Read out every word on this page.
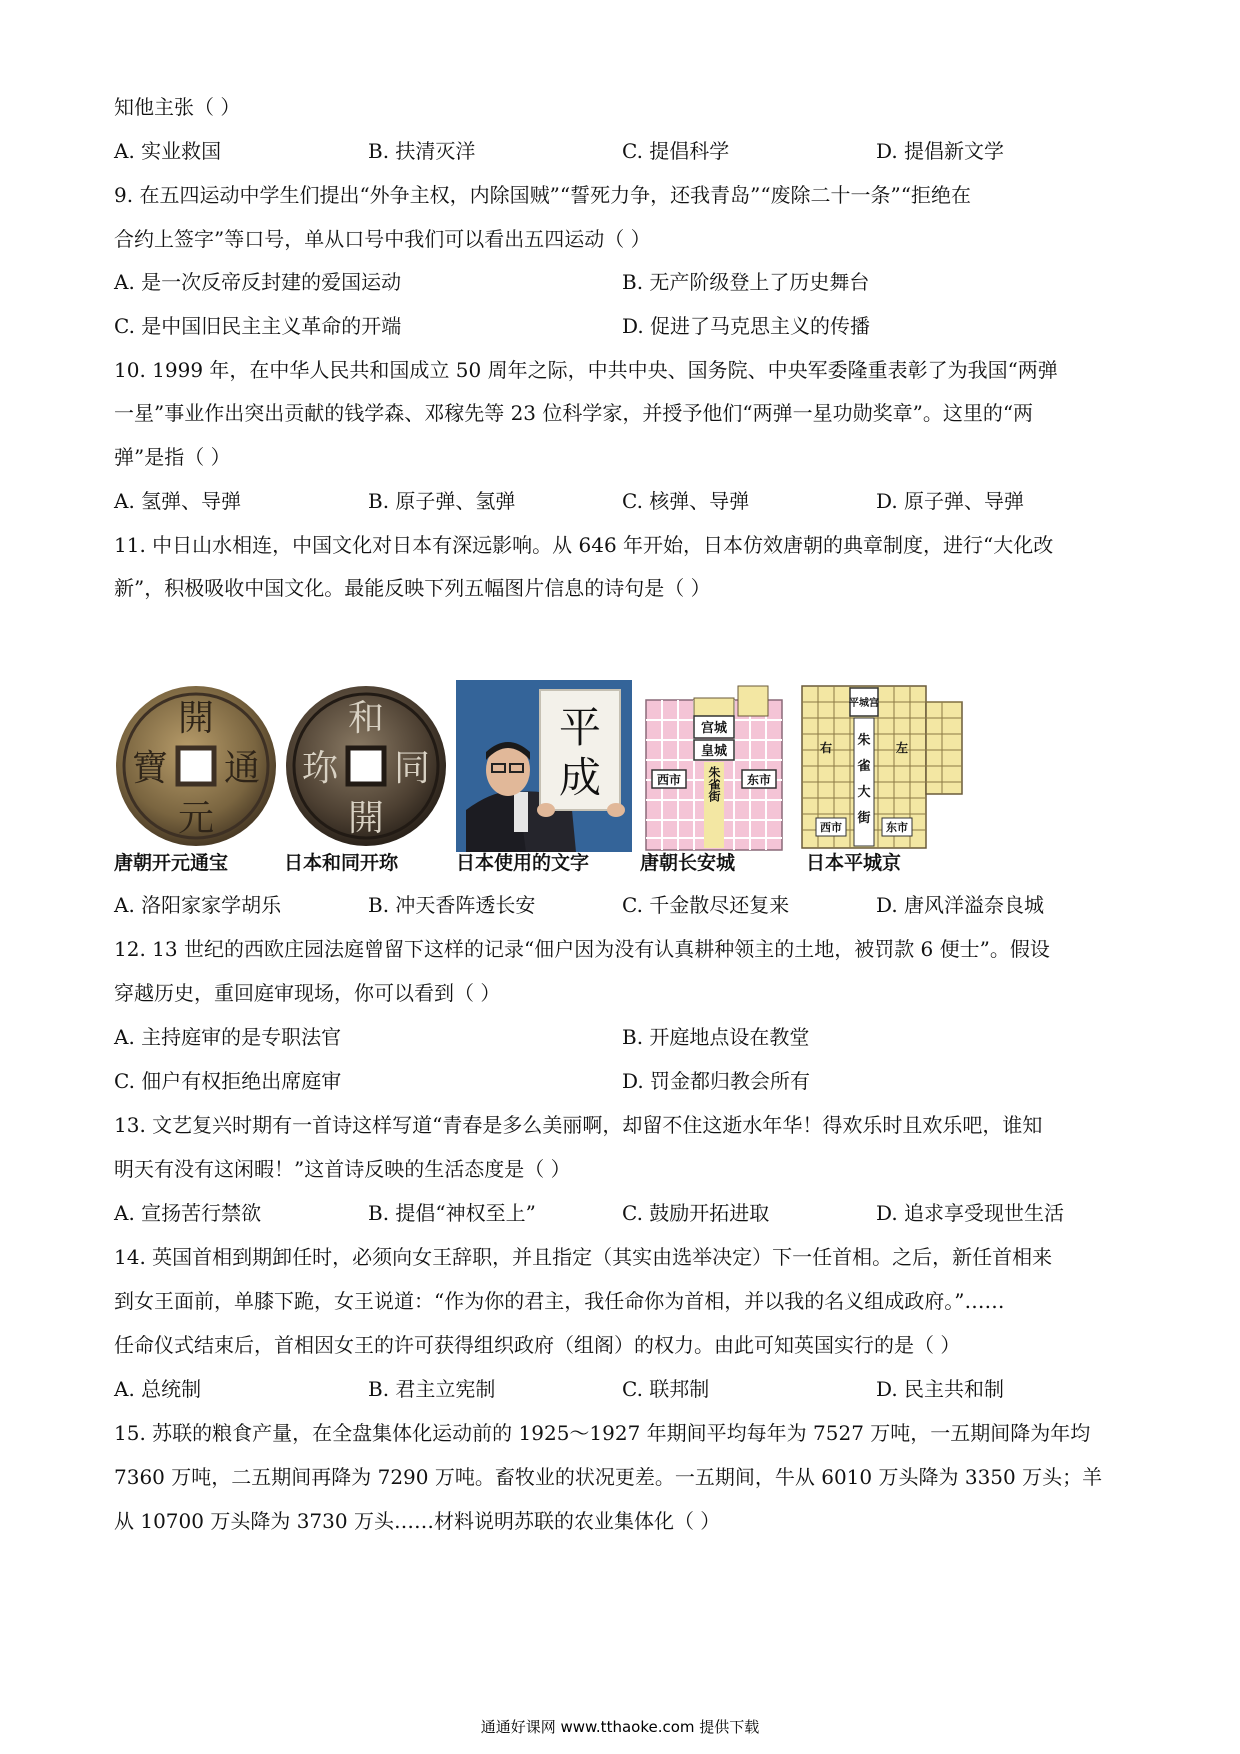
知他主张（ ）
A. 实业救国	B. 扶清灭洋	C. 提倡科学	D. 提倡新文学
9. 在五四运动中学生们提出“外争主权，内除国贼”“誓死力争，还我青岛”“废除二十一条”“拒绝在
合约上签字”等口号，单从口号中我们可以看出五四运动（ ）
A. 是一次反帝反封建的爱国运动	B. 无产阶级登上了历史舞台
C. 是中国旧民主主义革命的开端	D. 促进了马克思主义的传播
10. 1999 年，在中华人民共和国成立 50 周年之际，中共中央、国务院、中央军委隆重表彰了为我国“两弹
一星”事业作出突出贡献的钱学森、邓稼先等 23 位科学家，并授予他们“两弹一星功勋奖章”。这里的“两
弹”是指（ ）
A. 氢弹、导弹	B. 原子弹、氢弹	C. 核弹、导弹	D. 原子弹、导弹
11. 中日山水相连，中国文化对日本有深远影响。从 646 年开始，日本仿效唐朝的典章制度，进行“大化改
新”，积极吸收中国文化。最能反映下列五幅图片信息的诗句是（ ）
開
通
元
寶
和
同
開
珎
平
成
宫城
皇城
朱雀街
西市	东市
平城宫
朱
雀
大
街
西市	东市
右	左
唐朝开元通宝	日本和同开珎	日本使用的文字	唐朝长安城	日本平城京
A. 洛阳家家学胡乐	B. 冲天香阵透长安	C. 千金散尽还复来	D. 唐风洋溢奈良城
12. 13 世纪的西欧庄园法庭曾留下这样的记录“佃户因为没有认真耕种领主的土地，被罚款 6 便士”。假设
穿越历史，重回庭审现场，你可以看到（ ）
A. 主持庭审的是专职法官	B. 开庭地点设在教堂
C. 佃户有权拒绝出席庭审	D. 罚金都归教会所有
13. 文艺复兴时期有一首诗这样写道“青春是多么美丽啊，却留不住这逝水年华！得欢乐时且欢乐吧，谁知
明天有没有这闲暇！”这首诗反映的生活态度是（ ）
A. 宣扬苦行禁欲	B. 提倡“神权至上”	C. 鼓励开拓进取	D. 追求享受现世生活
14. 英国首相到期卸任时，必须向女王辞职，并且指定（其实由选举决定）下一任首相。之后，新任首相来
到女王面前，单膝下跪，女王说道：“作为你的君主，我任命你为首相，并以我的名义组成政府。”……
任命仪式结束后，首相因女王的许可获得组织政府（组阁）的权力。由此可知英国实行的是（ ）
A. 总统制	B. 君主立宪制	C. 联邦制	D. 民主共和制
15. 苏联的粮食产量，在全盘集体化运动前的 1925～1927 年期间平均每年为 7527 万吨，一五期间降为年均
7360 万吨，二五期间再降为 7290 万吨。畜牧业的状况更差。一五期间，牛从 6010 万头降为 3350 万头；羊
从 10700 万头降为 3730 万头……材料说明苏联的农业集体化（ ）
通通好课网 www.tthaoke.com 提供下载
